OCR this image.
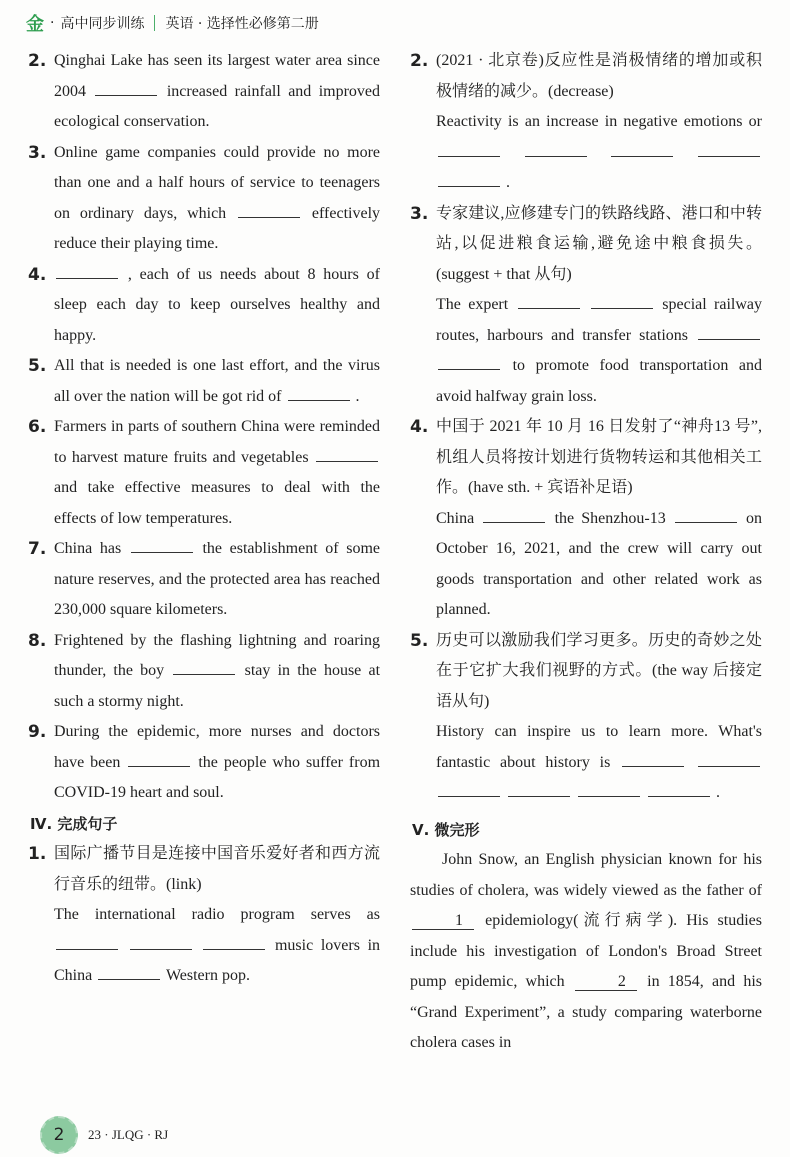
金 · 高中同步训练 英语 · 选择性必修第二册
2. Qinghai Lake has seen its largest water area since 2004	increased rainfall and improved ecological conservation.
3. Online game companies could provide no more than one and a half hours of service to teenagers on ordinary days, which	effectively reduce their playing time.
4.	, each of us needs about 8 hours of sleep each day to keep ourselves healthy and happy.
5. All that is needed is one last effort, and the virus all over the nation will be got rid of	.
6. Farmers in parts of southern China were reminded to harvest mature fruits and vegetables  and take effective measures to deal with the effects of low temperatures.
7. China has	the establishment of some nature reserves, and the protected area has reached 230,000 square kilometers.
8. Frightened by the flashing lightning and roaring thunder, the boy	stay in the house at such a stormy night.
9. During the epidemic, more nurses and doctors have been	the people who suffer from COVID-19 heart and soul.
Ⅳ. 完成句子
1. 国际广播节目是连接中国音乐爱好者和西方流行音乐的纽带。(link)
The international radio program serves as    music lovers in China	Western pop.
2. (2021 · 北京卷)反应性是消极情绪的增加或积极情绪的减少。(decrease)
Reactivity is an increase in negative emotions or      .
3. 专家建议,应修建专门的铁路线路、港口和中转站,以促进粮食运输,避免途中粮食损失。(suggest + that 从句)
The expert	special railway routes, harbours and transfer stations   to promote food transportation and avoid halfway grain loss.
4. 中国于 2021 年 10 月 16 日发射了“神舟13 号”,机组人员将按计划进行货物转运和其他相关工作。(have sth. + 宾语补足语)
China	the Shenzhou-13	on October 16, 2021, and the crew will carry out goods transportation and other related work as planned.
5. 历史可以激励我们学习更多。历史的奇妙之处在于它扩大我们视野的方式。(the way 后接定语从句)
History can inspire us to learn more. What's fantastic about history is       .
Ⅴ. 微完形
John Snow, an English physician known for his studies of cholera, was widely viewed as the father of 1 epidemiology(流行病学). His studies include his investigation of London's Broad Street pump epidemic, which	2 in 1854, and his “Grand Experiment”, a study comparing waterborne cholera cases in
2	23 · JLQG · RJ
